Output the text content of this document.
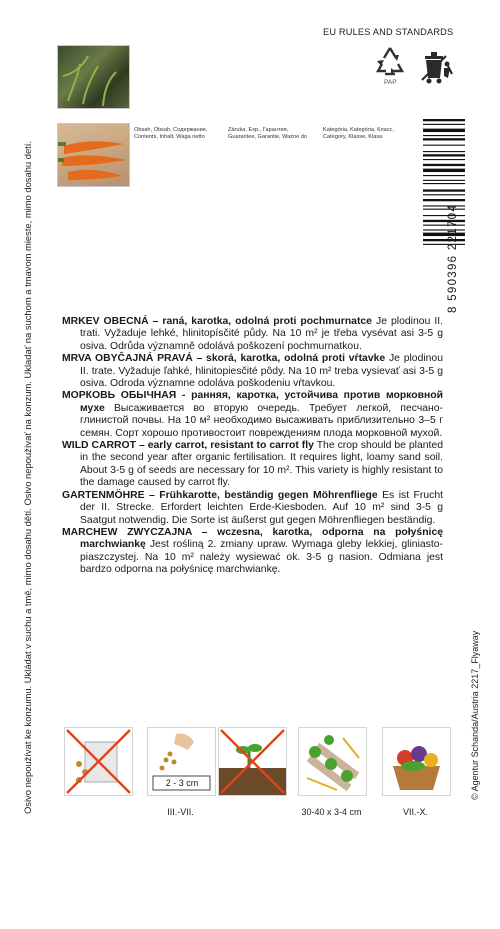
Osivo nepoužívat ke konzumu. Ukládat v suchu a tmě, mimo dosahu dětí. Osivo nepoužívať na konzum. Ukladať na suchom a tmavom mieste, mimo dosahu detí.	© Agentur Schanda/Austria 2217_Flyaway
EU RULES AND STANDARDS
PAP
Obsah, Obsah, Содержание,
Contents, Inhalt, Waga netto
Záruka, Exp., Гарантия,
Guarantee, Garantie, Ważne do
Kategória, Kategória, Класс,
Category, Klasse, Klasa
8 590396 221704

MRKEV OBECNÁ – raná, karotka, odolná proti pochmurnatce Je plodinou II. trati. Vyžaduje lehké, hlinitopísčité půdy. Na 10 m² je třeba vysévat asi 3-5 g osiva. Odrůda významně odolává poškození pochmurnatkou.

MRVA OBYČAJNÁ PRAVÁ – skorá, karotka, odolná proti vŕtavke Je plodinou II. trate. Vyžaduje ľahké, hlinitopiesčité pôdy. Na 10 m² treba vysievať asi 3-5 g osiva. Odroda významne odoláva poškodeniu vŕtavkou.

МОРКОВЬ ОБЫЧНАЯ - ранняя, каротка, устойчива против морковной мухе Высаживается во вторую очередь. Требует легкой, песчано-глинистой почвы. На 10 м² необходимо высаживать приблизительно 3–5 г семян. Сорт хорошо противостоит повреждениям плода морковной мухой.

WILD CARROT – early carrot, resistant to carrot fly The crop should be planted in the second year after organic fertilisation. It requires light, loamy sand soil. About 3-5 g of seeds are necessary for 10 m². This variety is highly resistant to the damage caused by carrot fly.

GARTENMÖHRE – Frühkarotte, beständig gegen Möhrenfliege Es ist Frucht der II. Strecke. Erfordert leichten Erde-Kiesboden. Auf 10 m² sind 3-5 g Saatgut notwendig. Die Sorte ist äußerst gut gegen Möhrenfliegen beständig.

MARCHEW ZWYCZAJNA – wczesna, karotka, odporna na połyśnicę marchwiankę Jest rośliną 2. zmiany upraw. Wymaga gleby lekkiej, gliniasto-piaszczystej. Na 10 m² należy wysiewać ok. 3-5 g nasion. Odmiana jest bardzo odporna na połyśnicę marchwiankę.

2 - 3 cm
III.-VII.	30-40 x 3-4 cm	VII.-X.
